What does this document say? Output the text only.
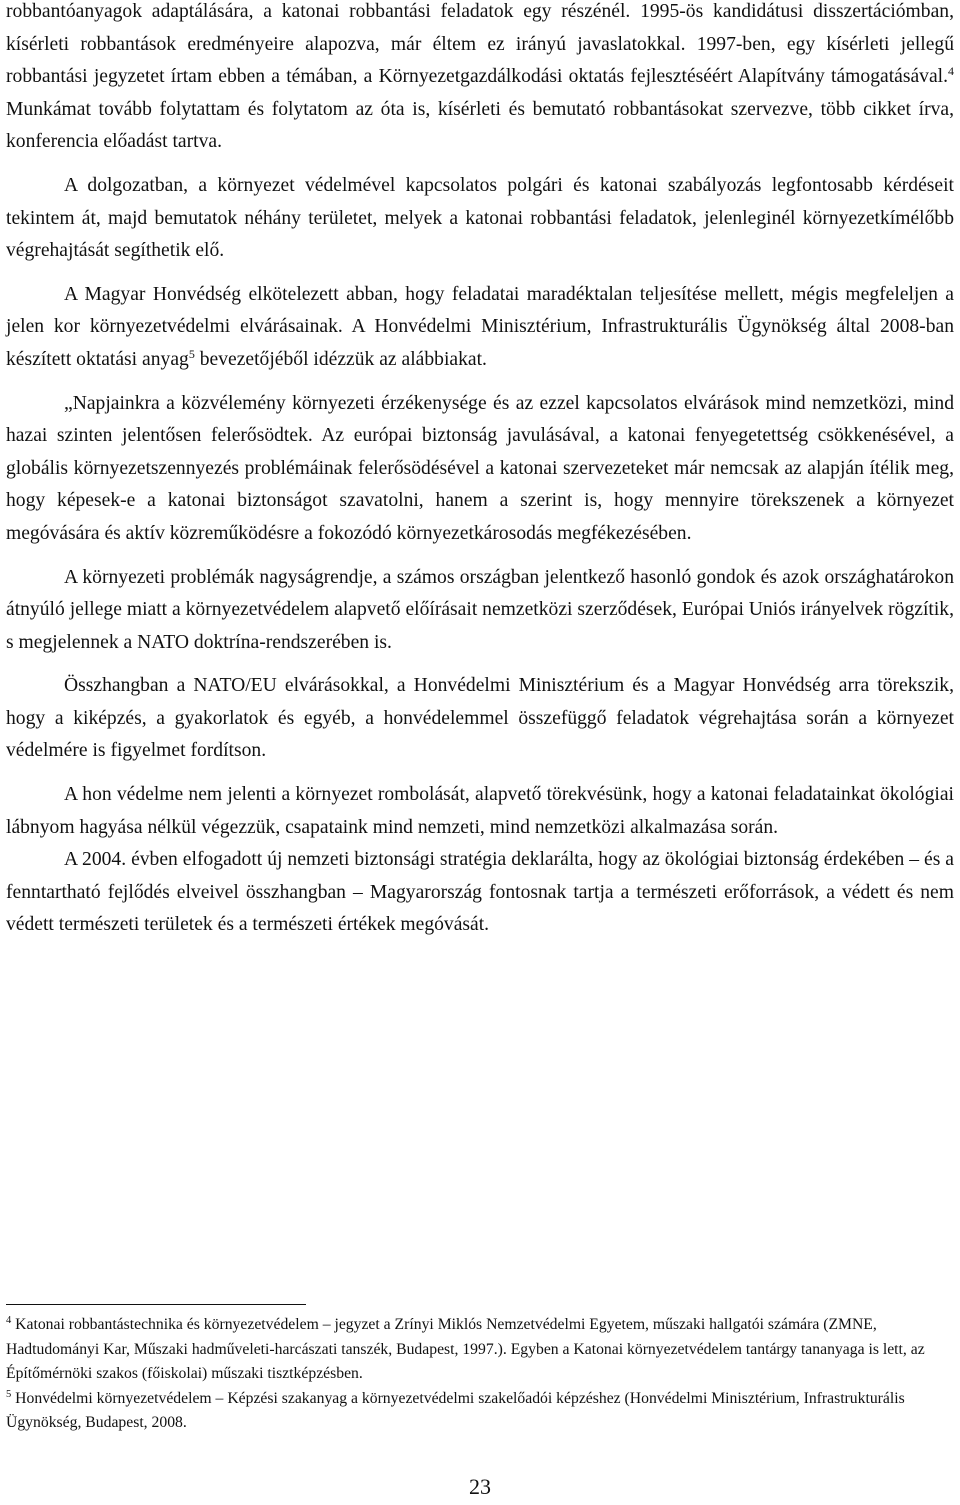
robbantóanyagok adaptálására, a katonai robbantási feladatok egy részénél. 1995-ös kandidátusi disszertációmban, kísérleti robbantások eredményeire alapozva, már éltem ez irányú javaslatokkal. 1997-ben, egy kísérleti jellegű robbantási jegyzetet írtam ebben a témában, a Környezetgazdálkodási oktatás fejlesztéséért Alapítvány támogatásával.$^4$ Munkámat tovább folytattam és folytatom az óta is, kísérleti és bemutató robbantásokat szervezve, több cikket írva, konferencia előadást tartva.

A dolgozatban, a környezet védelmével kapcsolatos polgári és katonai szabályozás legfontosabb kérdéseit tekintem át, majd bemutatok néhány területet, melyek a katonai robbantási feladatok, jelenleginél környezetkímélőbb végrehajtását segíthetik elő.

A Magyar Honvédség elkötelezett abban, hogy feladatai maradéktalan teljesítése mellett, mégis megfeleljen a jelen kor környezetvédelmi elvárásainak. A Honvédelmi Minisztérium, Infrastrukturális Ügynökség által 2008-ban készített oktatási anyag$^5$ bevezetőjéből idézzük az alábbiakat.

„Napjainkra a közvélemény környezeti érzékenysége és az ezzel kapcsolatos elvárások mind nemzetközi, mind hazai szinten jelentősen felerősödtek. Az európai biztonság javulásával, a katonai fenyegetettség csökkenésével, a globális környezetszennyezés problémáinak felerősödésével a katonai szervezeteket már nemcsak az alapján ítélik meg, hogy képesek-e a katonai biztonságot szavatolni, hanem a szerint is, hogy mennyire törekszenek a környezet megóvására és aktív közreműködésre a fokozódó környezetkárosodás megfékezésében.

A környezeti problémák nagyságrendje, a számos országban jelentkező hasonló gondok és azok országhatárokon átnyúló jellege miatt a környezetvédelem alapvető előírásait nemzetközi szerződések, Európai Uniós irányelvek rögzítik, s megjelennek a NATO doktrína-rendszerében is.

Összhangban a NATO/EU elvárásokkal, a Honvédelmi Minisztérium és a Magyar Honvédség arra törekszik, hogy a kiképzés, a gyakorlatok és egyéb, a honvédelemmel összefüggő feladatok végrehajtása során a környezet védelmére is figyelmet fordítson.

A hon védelme nem jelenti a környezet rombolását, alapvető törekvésünk, hogy a katonai feladatainkat ökológiai lábnyom hagyása nélkül végezzük, csapataink mind nemzeti, mind nemzetközi alkalmazása során.

A 2004. évben elfogadott új nemzeti biztonsági stratégia deklarálta, hogy az ökológiai biztonság érdekében – és a fenntartható fejlődés elveivel összhangban – Magyarország fontosnak tartja a természeti erőforrások, a védett és nem védett természeti területek és a természeti értékek megóvását.

$^4$ Katonai robbantástechnika és környezetvédelem – jegyzet a Zrínyi Miklós Nemzetvédelmi Egyetem, műszaki hallgatói számára (ZMNE, Hadtudományi Kar, Műszaki hadműveleti-harcászati tanszék, Budapest, 1997.). Egyben a Katonai környezetvédelem tantárgy tananyaga is lett, az Építőmérnöki szakos (főiskolai) műszaki tisztképzésben.

$^5$ Honvédelmi környezetvédelem – Képzési szakanyag a környezetvédelmi szakelőadói képzéshez (Honvédelmi Minisztérium, Infrastrukturális Ügynökség, Budapest, 2008.

23
